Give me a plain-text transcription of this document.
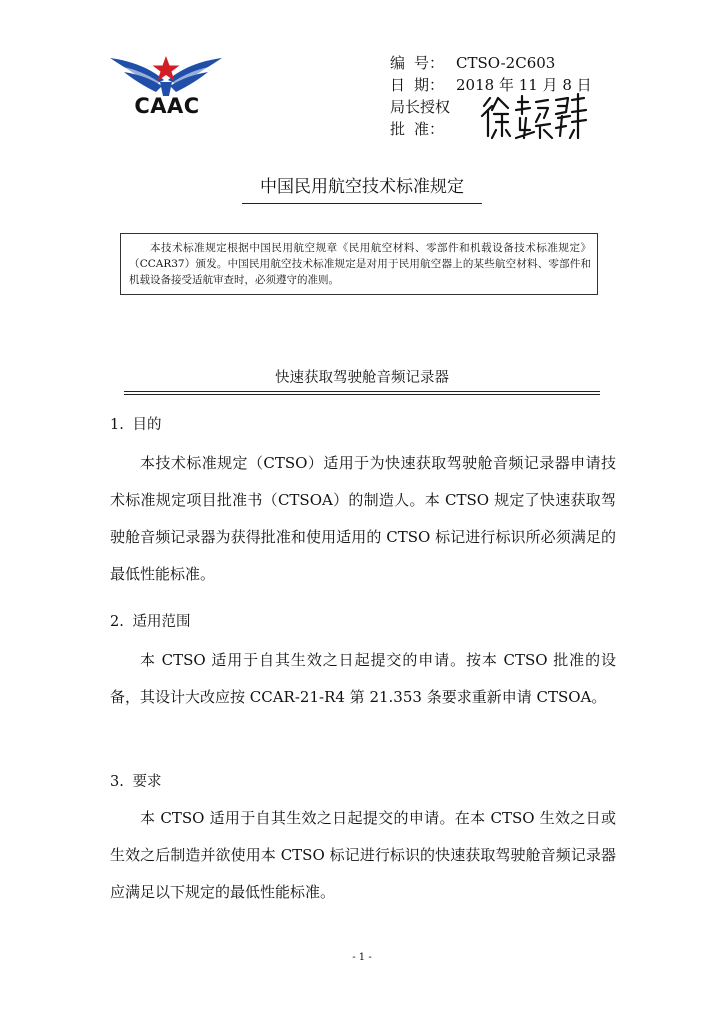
CAAC
编 号： CTSO-2C603
日 期： 2018 年 11 月 8 日
局长授权
批 准：
中国民用航空技术标准规定
本技术标准规定根据中国民用航空规章《民用航空材料、零部件和机载设备技术标准规定》（CCAR37）颁发。中国民用航空技术标准规定是对用于民用航空器上的某些航空材料、零部件和机载设备接受适航审查时，必须遵守的准则。
快速获取驾驶舱音频记录器
1. 目的
本技术标准规定（CTSO）适用于为快速获取驾驶舱音频记录器申请技术标准规定项目批准书（CTSOA）的制造人。本 CTSO 规定了快速获取驾驶舱音频记录器为获得批准和使用适用的 CTSO 标记进行标识所必须满足的最低性能标准。
2. 适用范围
本 CTSO 适用于自其生效之日起提交的申请。按本 CTSO 批准的设备，其设计大改应按 CCAR-21-R4 第 21.353 条要求重新申请 CTSOA。
3. 要求
本 CTSO 适用于自其生效之日起提交的申请。在本 CTSO 生效之日或生效之后制造并欲使用本 CTSO 标记进行标识的快速获取驾驶舱音频记录器应满足以下规定的最低性能标准。
- 1 -
